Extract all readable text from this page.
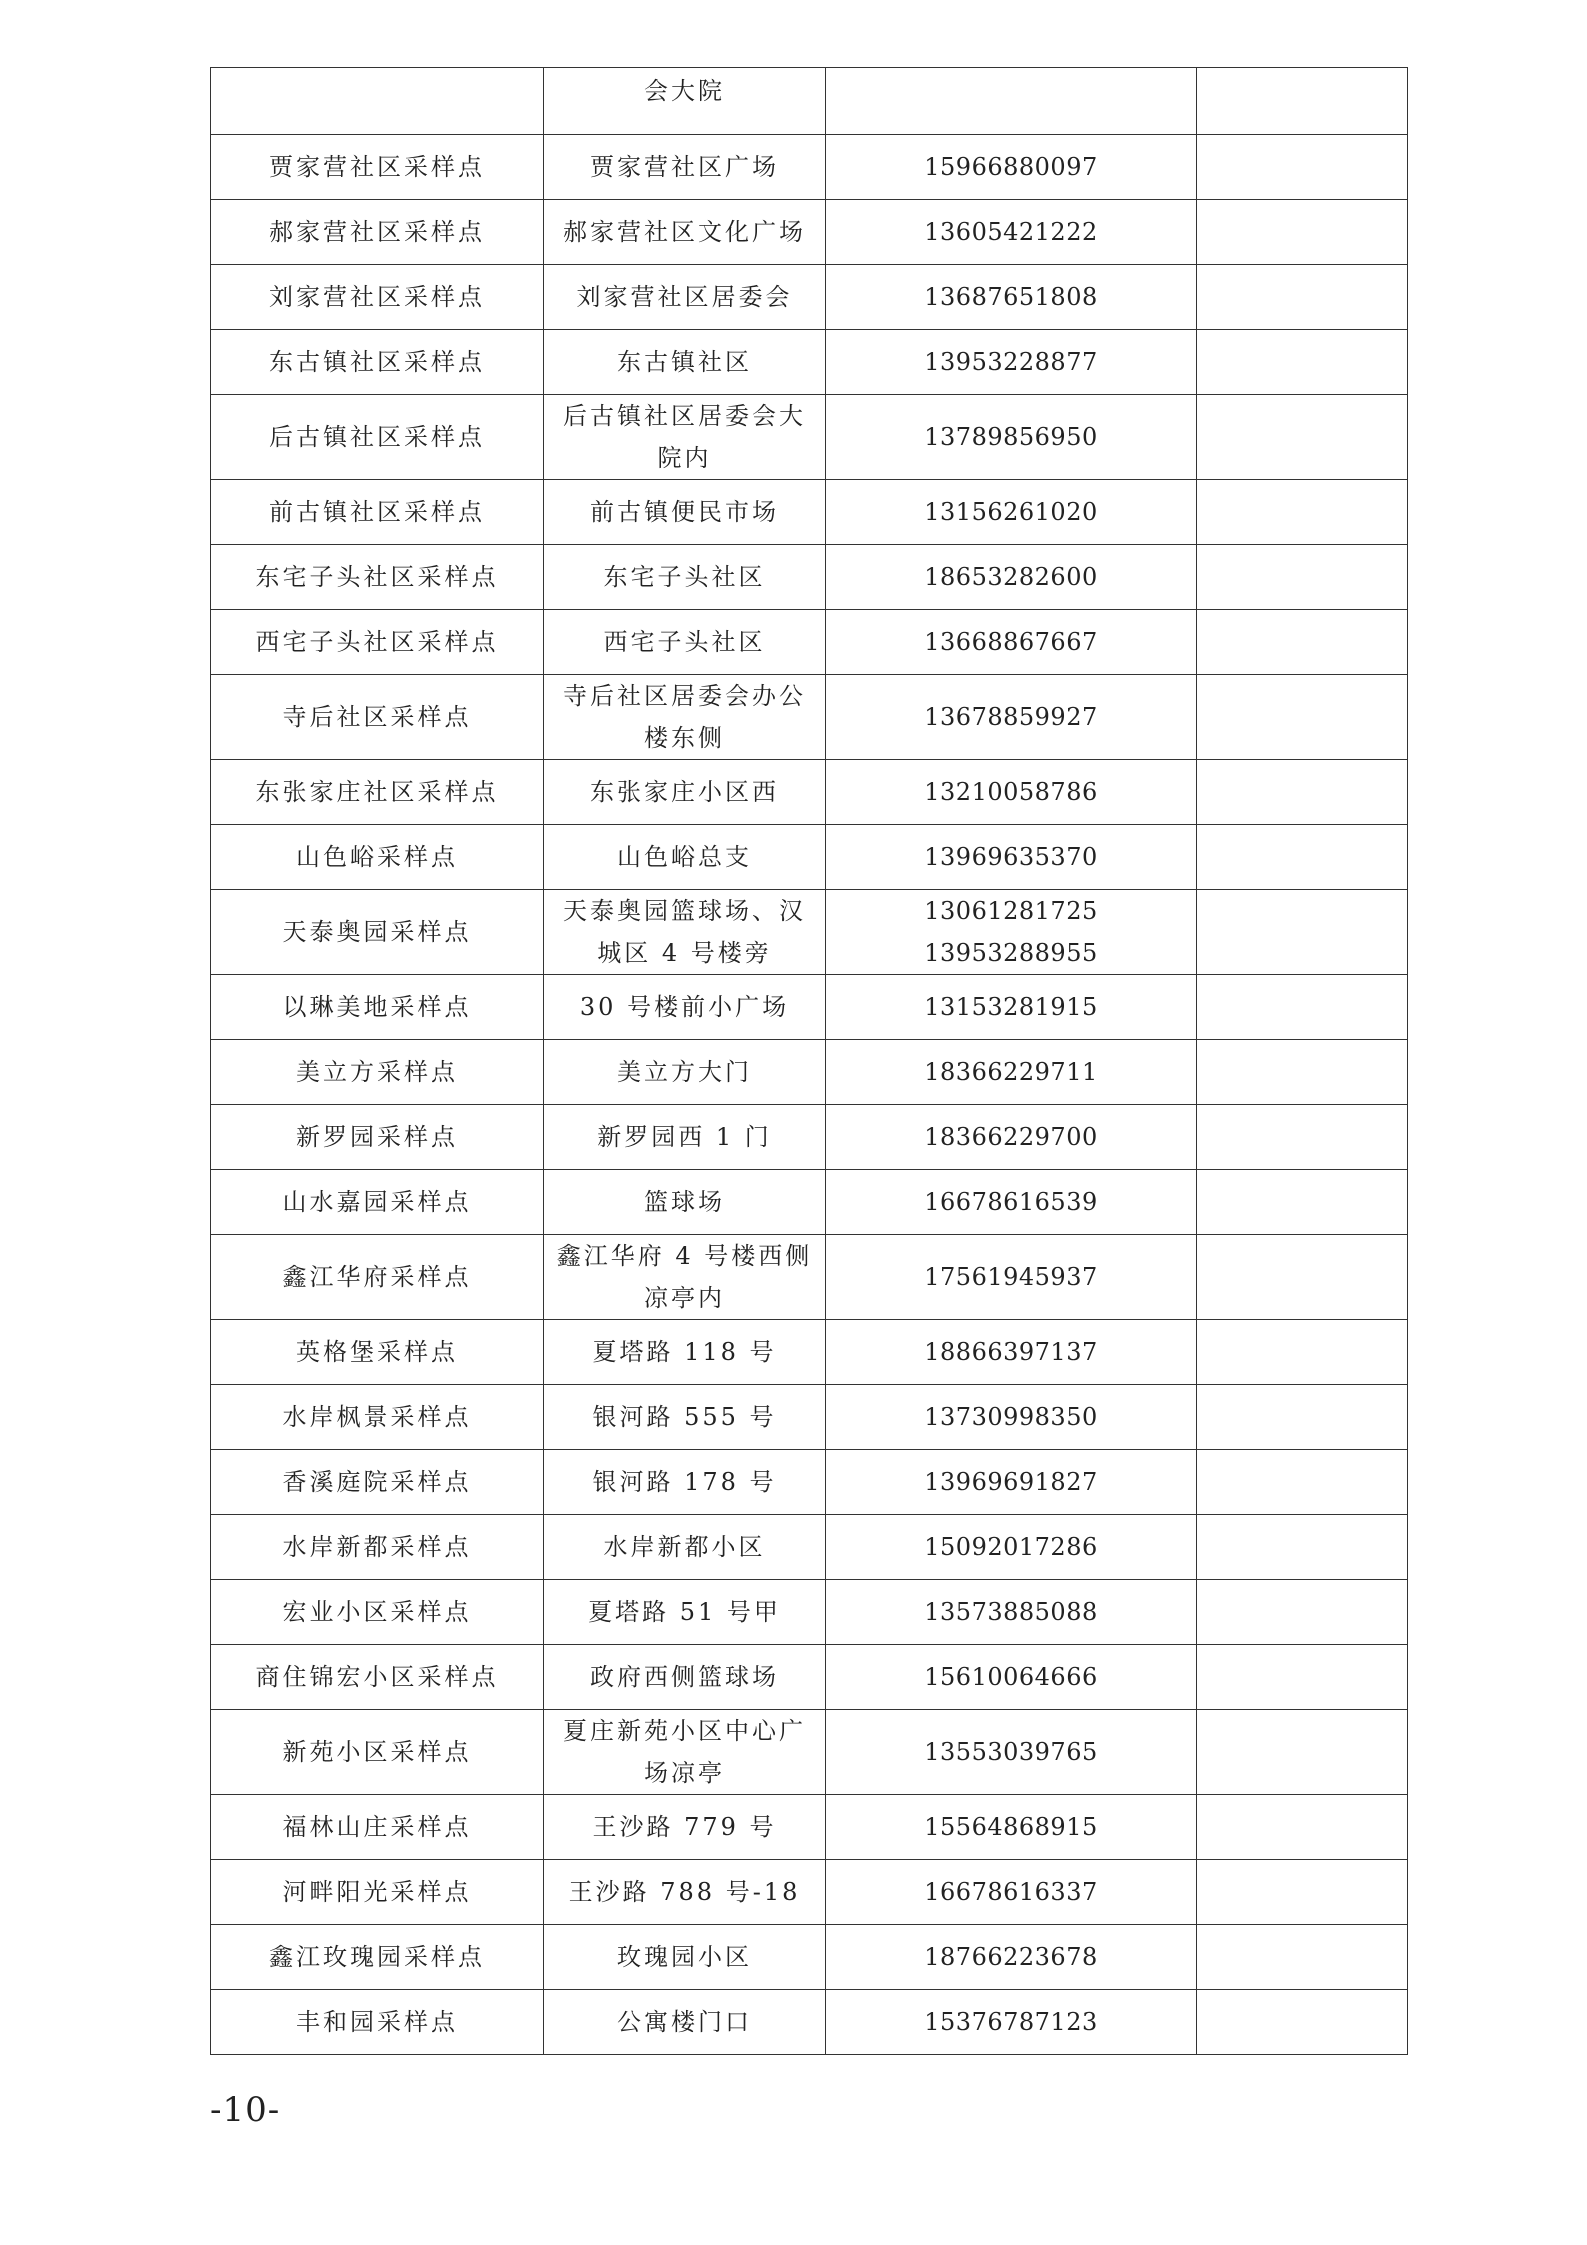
	会大院		
贾家营社区采样点	贾家营社区广场	15966880097	

郝家营社区采样点	郝家营社区文化广场	13605421222	

刘家营社区采样点	刘家营社区居委会	13687651808	

东古镇社区采样点	东古镇社区	13953228877	

后古镇社区采样点	后古镇社区居委会大院内	13789856950	

前古镇社区采样点	前古镇便民市场	13156261020	

东宅子头社区采样点	东宅子头社区	18653282600	

西宅子头社区采样点	西宅子头社区	13668867667	

寺后社区采样点	寺后社区居委会办公楼东侧	13678859927	

东张家庄社区采样点	东张家庄小区西	13210058786	

山色峪采样点	山色峪总支	13969635370	

天泰奥园采样点	天泰奥园篮球场、汉城区 4 号楼旁	13061281725
13953288955	

以琳美地采样点	30 号楼前小广场	13153281915	

美立方采样点	美立方大门	18366229711	

新罗园采样点	新罗园西 1 门	18366229700	

山水嘉园采样点	篮球场	16678616539	

鑫江华府采样点	鑫江华府 4 号楼西侧凉亭内	17561945937	

英格堡采样点	夏塔路 118 号	18866397137	

水岸枫景采样点	银河路 555 号	13730998350	

香溪庭院采样点	银河路 178 号	13969691827	

水岸新都采样点	水岸新都小区	15092017286	

宏业小区采样点	夏塔路 51 号甲	13573885088	

商住锦宏小区采样点	政府西侧篮球场	15610064666	

新苑小区采样点	夏庄新苑小区中心广场凉亭	13553039765	

福林山庄采样点	王沙路 779 号	15564868915	

河畔阳光采样点	王沙路 788 号-18	16678616337	

鑫江玫瑰园采样点	玫瑰园小区	18766223678	

丰和园采样点	公寓楼门口	15376787123	

-10-
